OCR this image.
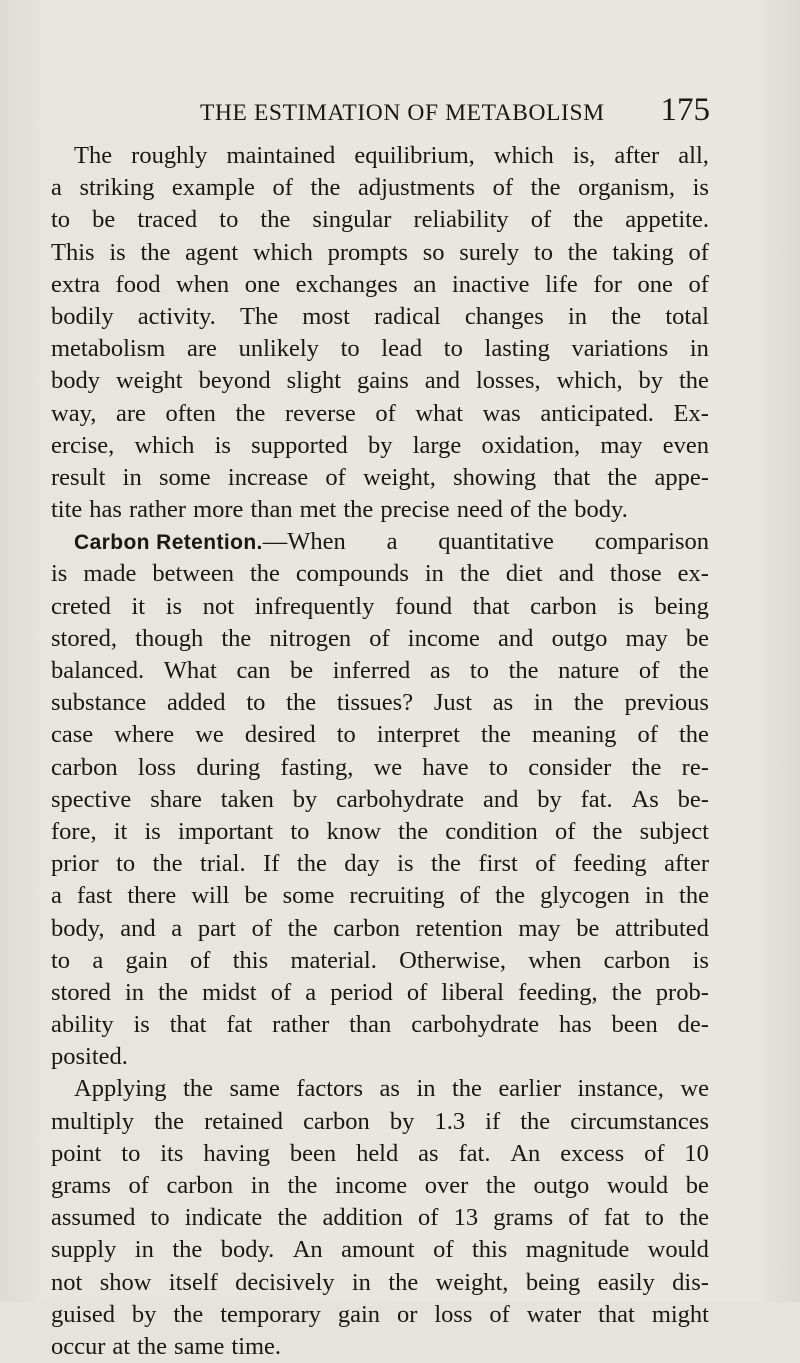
THE ESTIMATION OF METABOLISM 175
The roughly maintained equilibrium, which is, after all,
a striking example of the adjustments of the organism, is
to be traced to the singular reliability of the appetite.
This is the agent which prompts so surely to the taking of
extra food when one exchanges an inactive life for one of
bodily activity. The most radical changes in the total
metabolism are unlikely to lead to lasting variations in
body weight beyond slight gains and losses, which, by the
way, are often the reverse of what was anticipated. Ex-
ercise, which is supported by large oxidation, may even
result in some increase of weight, showing that the appe-
tite has rather more than met the precise need of the body.
Carbon Retention.—When a quantitative comparison
is made between the compounds in the diet and those ex-
creted it is not infrequently found that carbon is being
stored, though the nitrogen of income and outgo may be
balanced. What can be inferred as to the nature of the
substance added to the tissues? Just as in the previous
case where we desired to interpret the meaning of the
carbon loss during fasting, we have to consider the re-
spective share taken by carbohydrate and by fat. As be-
fore, it is important to know the condition of the subject
prior to the trial. If the day is the first of feeding after
a fast there will be some recruiting of the glycogen in the
body, and a part of the carbon retention may be attributed
to a gain of this material. Otherwise, when carbon is
stored in the midst of a period of liberal feeding, the prob-
ability is that fat rather than carbohydrate has been de-
posited.
Applying the same factors as in the earlier instance, we
multiply the retained carbon by 1.3 if the circumstances
point to its having been held as fat. An excess of 10
grams of carbon in the income over the outgo would be
assumed to indicate the addition of 13 grams of fat to the
supply in the body. An amount of this magnitude would
not show itself decisively in the weight, being easily dis-
guised by the temporary gain or loss of water that might
occur at the same time.
